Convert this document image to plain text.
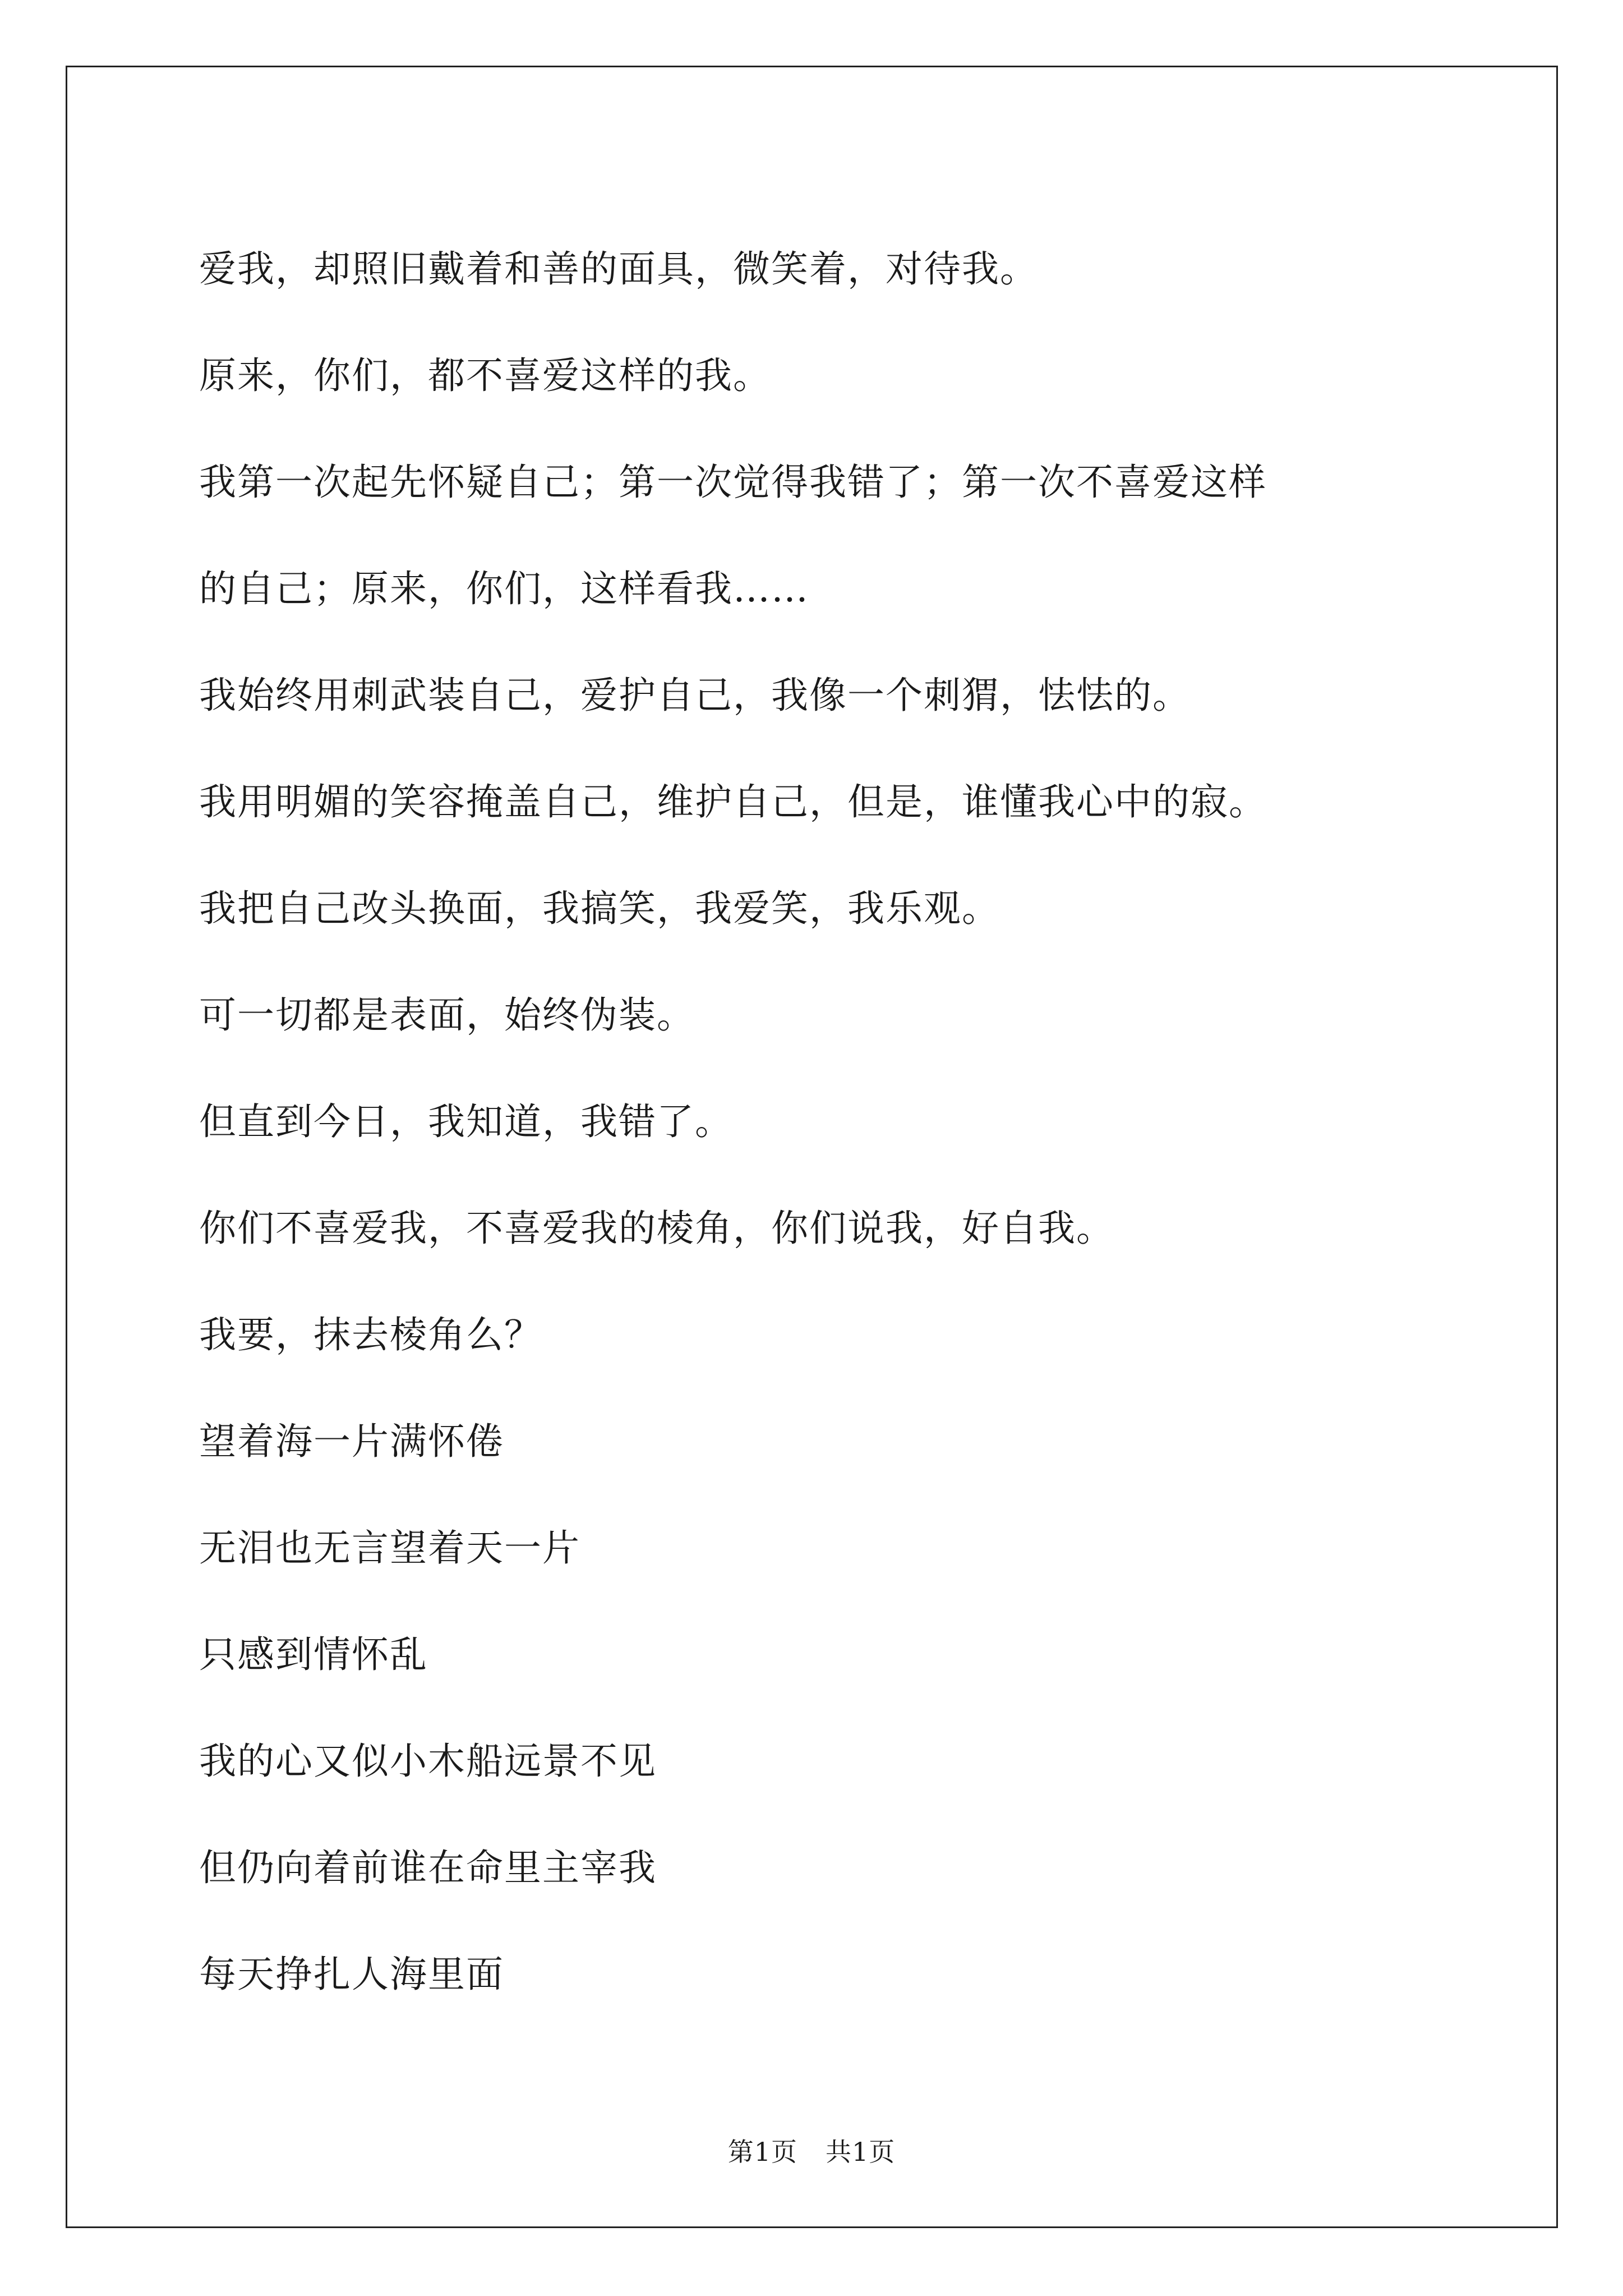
爱我，却照旧戴着和善的面具，微笑着，对待我。
原来，你们，都不喜爱这样的我。
我第一次起先怀疑自己；第一次觉得我错了；第一次不喜爱这样
的自己；原来，你们，这样看我……
我始终用刺武装自己，爱护自己，我像一个刺猬，怯怯的。
我用明媚的笑容掩盖自己，维护自己，但是，谁懂我心中的寂。
我把自己改头换面，我搞笑，我爱笑，我乐观。
可一切都是表面，始终伪装。
但直到今日，我知道，我错了。
你们不喜爱我，不喜爱我的棱角，你们说我，好自我。
我要，抹去棱角么？
望着海一片满怀倦
无泪也无言望着天一片
只感到情怀乱
我的心又似小木船远景不见
但仍向着前谁在命里主宰我
每天挣扎人海里面
第1页 共1页
